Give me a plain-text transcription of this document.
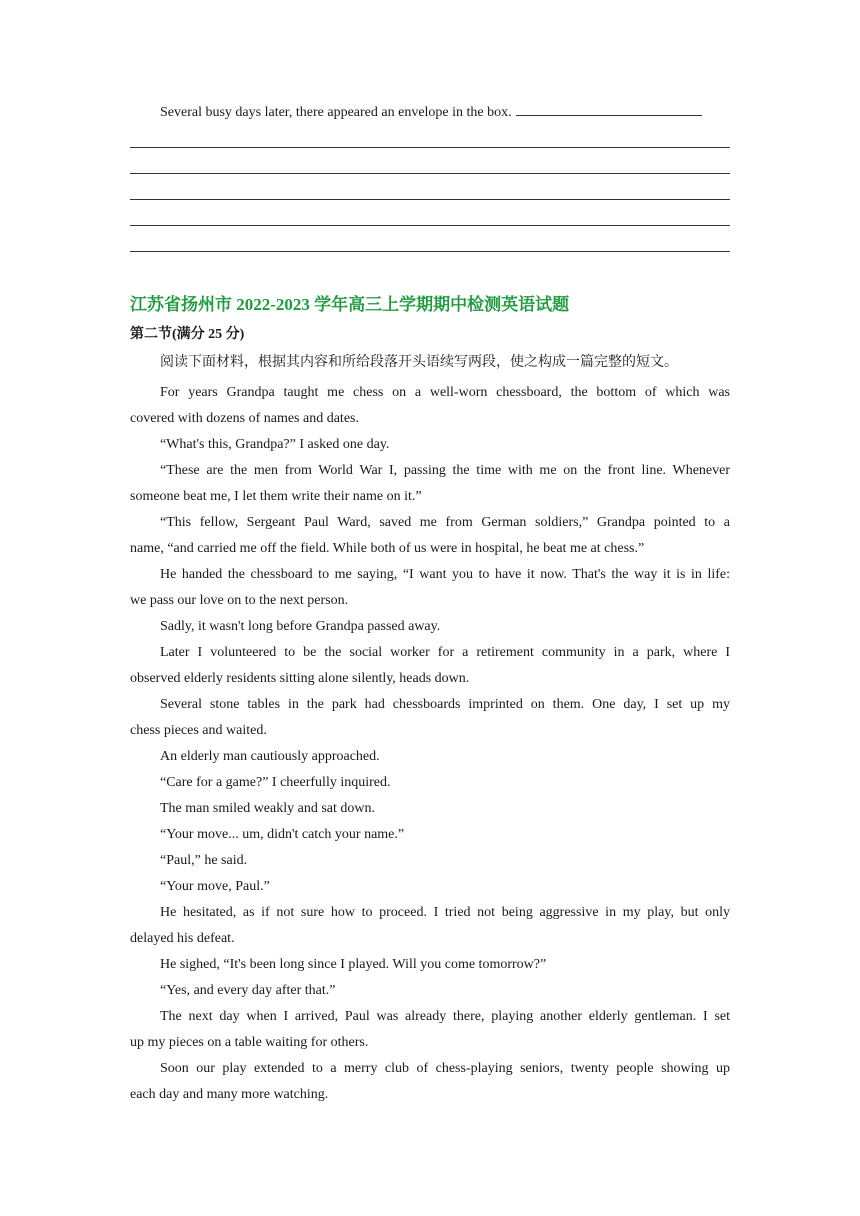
Several busy days later, there appeared an envelope in the box.
江苏省扬州市 2022-2023 学年高三上学期期中检测英语试题
第二节(满分 25 分)
阅读下面材料，根据其内容和所给段落开头语续写两段，使之构成一篇完整的短文。
For years Grandpa taught me chess on a well-worn chessboard, the bottom of which was
covered with dozens of names and dates.
“What's this, Grandpa?” I asked one day.
“These are the men from World War I, passing the time with me on the front line. Whenever
someone beat me, I let them write their name on it.”
“This fellow, Sergeant Paul Ward, saved me from German soldiers,” Grandpa pointed to a
name, “and carried me off the field. While both of us were in hospital, he beat me at chess.”
He handed the chessboard to me saying, “I want you to have it now. That's the way it is in life:
we pass our love on to the next person.
Sadly, it wasn't long before Grandpa passed away.
Later I volunteered to be the social worker for a retirement community in a park, where I
observed elderly residents sitting alone silently, heads down.
Several stone tables in the park had chessboards imprinted on them. One day, I set up my
chess pieces and waited.
An elderly man cautiously approached.
“Care for a game?” I cheerfully inquired.
The man smiled weakly and sat down.
“Your move... um, didn't catch your name.”
“Paul,” he said.
“Your move, Paul.”
He hesitated, as if not sure how to proceed. I tried not being aggressive in my play, but only
delayed his defeat.
He sighed, “It's been long since I played. Will you come tomorrow?”
“Yes, and every day after that.”
The next day when I arrived, Paul was already there, playing another elderly gentleman. I set
up my pieces on a table waiting for others.
Soon our play extended to a merry club of chess-playing seniors, twenty people showing up
each day and many more watching.
